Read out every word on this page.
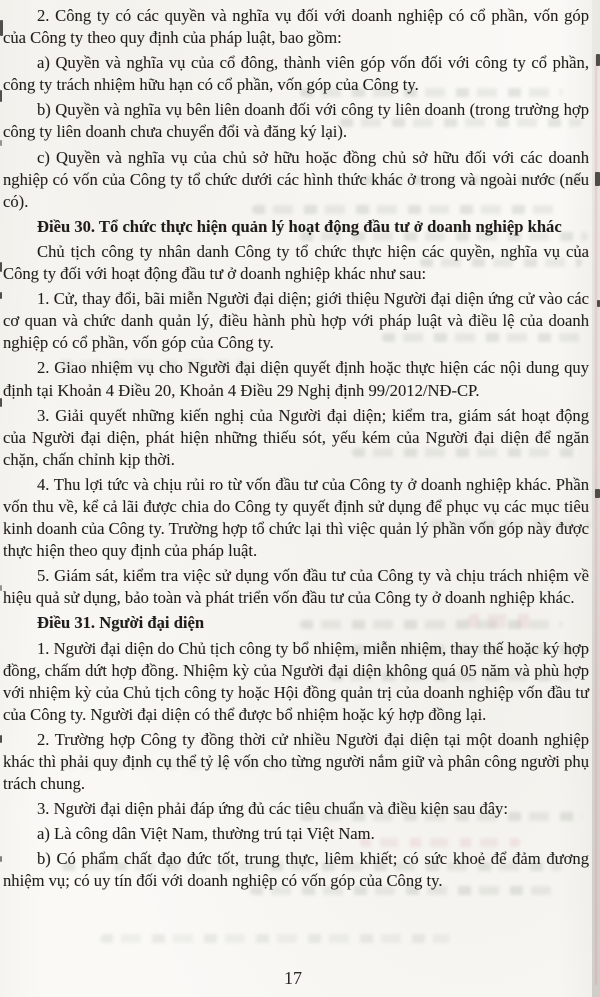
2. Công ty có các quyền và nghĩa vụ đối với doanh nghiệp có cổ phần, vốn góp của Công ty theo quy định của pháp luật, bao gồm:

a) Quyền và nghĩa vụ của cổ đông, thành viên góp vốn đối với công ty cổ phần, công ty trách nhiệm hữu hạn có cổ phần, vốn góp của Công ty.

b) Quyền và nghĩa vụ bên liên doanh đối với công ty liên doanh (trong trường hợp công ty liên doanh chưa chuyển đổi và đăng ký lại).

c) Quyền và nghĩa vụ của chủ sở hữu hoặc đồng chủ sở hữu đối với các doanh nghiệp có vốn của Công ty tổ chức dưới các hình thức khác ở trong và ngoài nước (nếu có).

Điều 30. Tổ chức thực hiện quản lý hoạt động đầu tư ở doanh nghiệp khác

Chủ tịch công ty nhân danh Công ty tổ chức thực hiện các quyền, nghĩa vụ của Công ty đối với hoạt động đầu tư ở doanh nghiệp khác như sau:

1. Cử, thay đổi, bãi miễn Người đại diện; giới thiệu Người đại diện ứng cử vào các cơ quan và chức danh quản lý, điều hành phù hợp với pháp luật và điều lệ của doanh nghiệp có cổ phần, vốn góp của Công ty.

2. Giao nhiệm vụ cho Người đại diện quyết định hoặc thực hiện các nội dung quy định tại Khoản 4 Điều 20, Khoản 4 Điều 29 Nghị định 99/2012/NĐ-CP.

3. Giải quyết những kiến nghị của Người đại diện; kiểm tra, giám sát hoạt động của Người đại diện, phát hiện những thiếu sót, yếu kém của Người đại diện để ngăn chặn, chấn chỉnh kịp thời.

4. Thu lợi tức và chịu rủi ro từ vốn đầu tư của Công ty ở doanh nghiệp khác. Phần vốn thu về, kể cả lãi được chia do Công ty quyết định sử dụng để phục vụ các mục tiêu kinh doanh của Công ty. Trường hợp tổ chức lại thì việc quản lý phần vốn góp này được thực hiện theo quy định của pháp luật.

5. Giám sát, kiểm tra việc sử dụng vốn đầu tư của Công ty và chịu trách nhiệm về hiệu quả sử dụng, bảo toàn và phát triển vốn đầu tư của Công ty ở doanh nghiệp khác.

Điều 31. Người đại diện

1. Người đại diện do Chủ tịch công ty bổ nhiệm, miễn nhiệm, thay thế hoặc ký hợp đồng, chấm dứt hợp đồng. Nhiệm kỳ của Người đại diện không quá 05 năm và phù hợp với nhiệm kỳ của Chủ tịch công ty hoặc Hội đồng quản trị của doanh nghiệp vốn đầu tư của Công ty. Người đại diện có thể được bổ nhiệm hoặc ký hợp đồng lại.

2. Trường hợp Công ty đồng thời cử nhiều Người đại diện tại một doanh nghiệp khác thì phải quy định cụ thể tỷ lệ vốn cho từng người nắm giữ và phân công người phụ trách chung.

3. Người đại diện phải đáp ứng đủ các tiêu chuẩn và điều kiện sau đây:

a) Là công dân Việt Nam, thường trú tại Việt Nam.

b) Có phẩm chất đạo đức tốt, trung thực, liêm khiết; có sức khoẻ để đảm đương nhiệm vụ; có uy tín đối với doanh nghiệp có vốn góp của Công ty.

17
